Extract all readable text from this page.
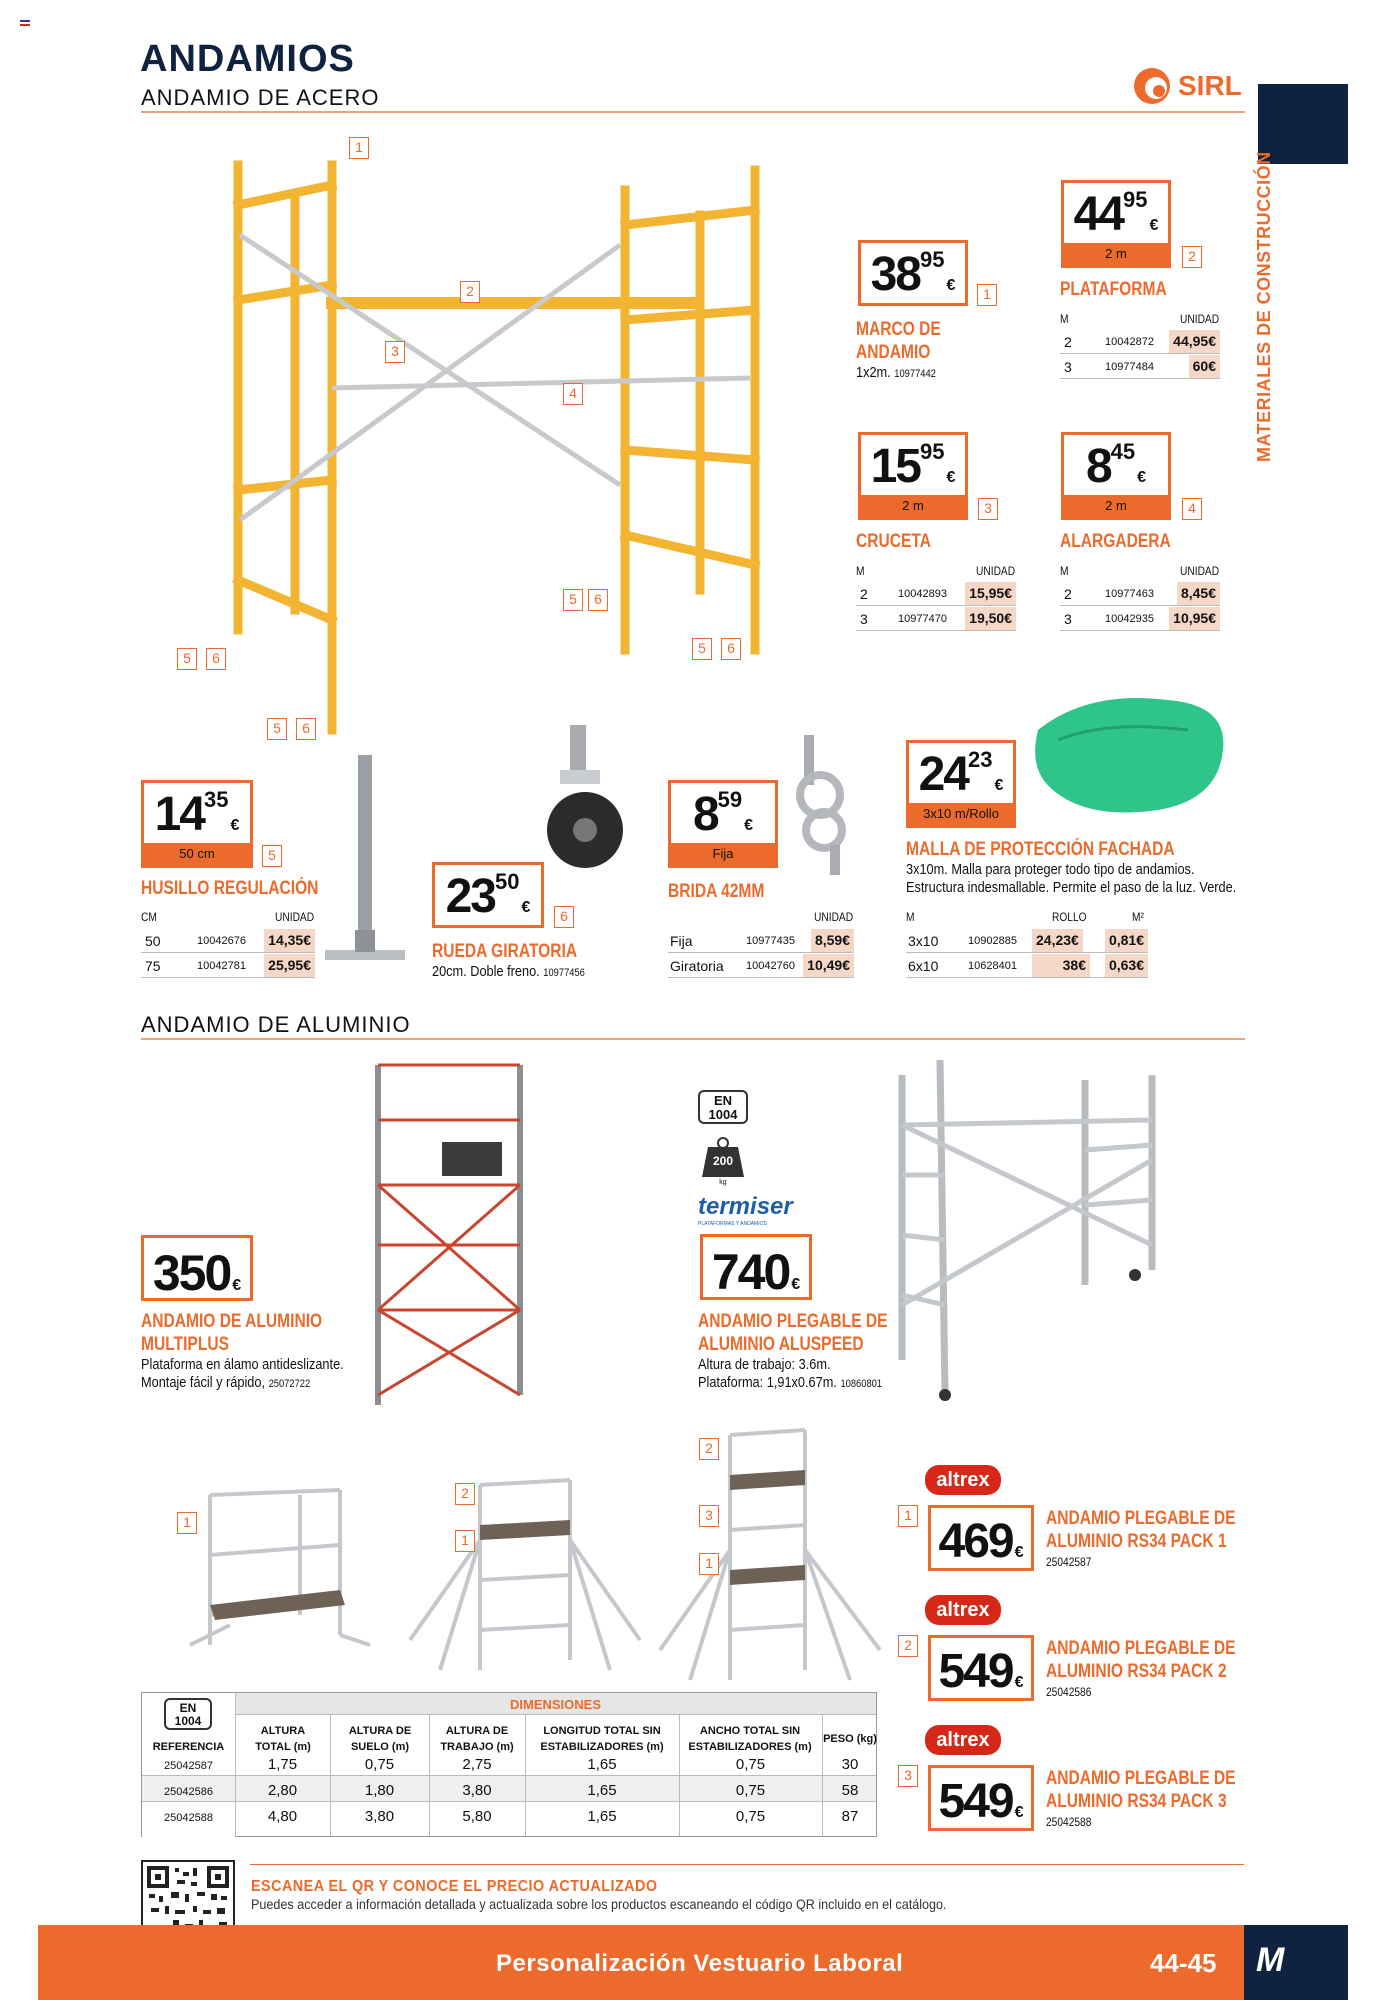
ANDAMIOS
ANDAMIO DE ACERO	SIRL
MATERIALES DE CONSTRUCCIÓN
1
2
3
4
5	6
5	6
5	6
5	6
$38^{95}€$	1
MARCO DE
ANDAMIO
1x2m. 10977442
$44^{95}€$
2 m	2
PLATAFORMA
M	UNIDAD
2	10042872 44,95€
3	10977484	60€
$15^{95}€$
2 m	3
CRUCETA
M	UNIDAD
2	10042893 15,95€
3	10977470 19,50€
$8^{45}€$
2 m	4
ALARGADERA
M	UNIDAD
2	10977463 8,45€
3	10042935 10,95€
$14^{35}€$
50 cm	5
HUSILLO REGULACIÓN
CM	UNIDAD
50	10042676 14,35€
75	10042781 25,95€
$23^{50}€$	6
RUEDA GIRATORIA
20cm. Doble freno. 10977456
$8^{59}€$
Fija
BRIDA 42MM
UNIDAD
Fija	10977435 8,59€
Giratoria 10042760 10,49€
$24^{23}€$
3x10 m/Rollo
MALLA DE PROTECCIÓN FACHADA
3x10m. Malla para proteger todo tipo de andamios.
Estructura indesmallable. Permite el paso de la luz. Verde.
M	ROLLO	M²
3x10	10902885 24,23€ 0,81€
6x10	10628401	38€ 0,63€
ANDAMIO DE ALUMINIO
350 €
ANDAMIO DE ALUMINIO
MULTIPLUS
Plataforma en álamo antideslizante.
Montaje fácil y rápido, 25072722
EN
1004
200
kg
termiser
PLATAFORMAS Y ANDAMIOS
740 €
ANDAMIO PLEGABLE DE
ALUMINIO ALUSPEED
Altura de trabajo: 3.6m.
Plataforma: 1,91x0.67m. 10860801
1
2
1
2
3
1
altrex
1 469 €
ANDAMIO PLEGABLE DE
ALUMINIO RS34 PACK 1
25042587
altrex
2 549 €
ANDAMIO PLEGABLE DE
ALUMINIO RS34 PACK 2
25042586
altrex
3 549 €
ANDAMIO PLEGABLE DE
ALUMINIO RS34 PACK 3
25042588
EN
1004
DIMENSIONES
REFERENCIA
ALTURA TOTAL (m)
ALTURA DE SUELO (m)
ALTURA DE TRABAJO (m)
LONGITUD TOTAL SIN ESTABILIZADORES (m)
ANCHO TOTAL SIN ESTABILIZADORES (m)
PESO (kg)
25042587	1,75	0,75	2,75	1,65	0,75	30
25042586	2,80	1,80	3,80	1,65	0,75	58
25042588	4,80	3,80	5,80	1,65	0,75	87
ESCANEA EL QR Y CONOCE EL PRECIO ACTUALIZADO
Puedes acceder a información detallada y actualizada sobre los productos escaneando el código QR incluido en el catálogo.
Personalización Vestuario Laboral	44-45 M
